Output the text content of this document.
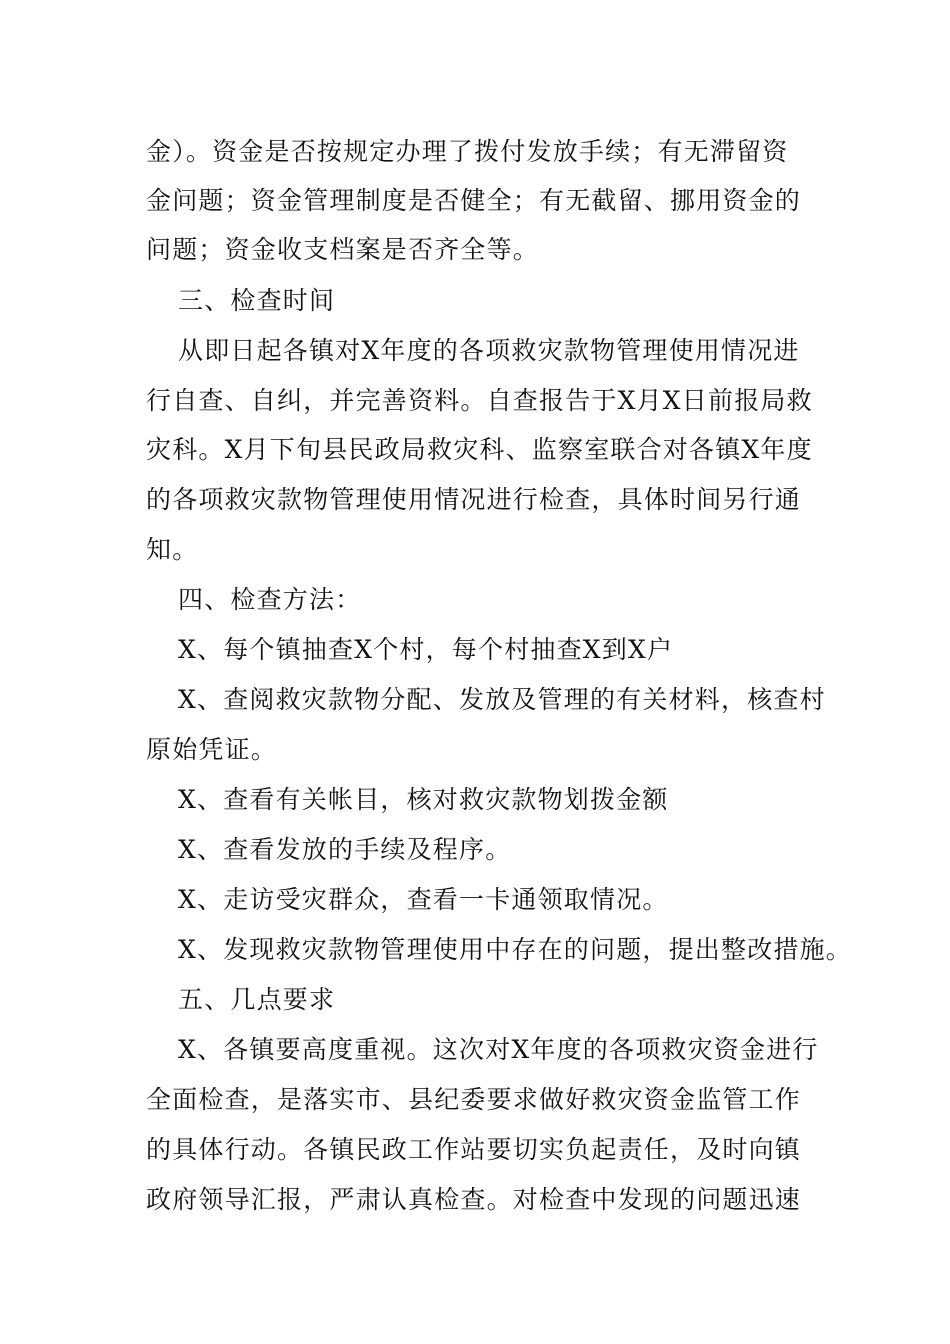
金）。资金是否按规定办理了拨付发放手续；有无滞留资
金问题；资金管理制度是否健全；有无截留、挪用资金的
问题；资金收支档案是否齐全等。
三、检查时间
从即日起各镇对X年度的各项救灾款物管理使用情况进
行自查、自纠，并完善资料。自查报告于X月X日前报局救
灾科。X月下旬县民政局救灾科、监察室联合对各镇X年度
的各项救灾款物管理使用情况进行检查，具体时间另行通
知。
四、检查方法：
X、每个镇抽查X个村，每个村抽查X到X户
X、查阅救灾款物分配、发放及管理的有关材料，核查村
原始凭证。
X、查看有关帐目，核对救灾款物划拨金额
X、查看发放的手续及程序。
X、走访受灾群众，查看一卡通领取情况。
X、发现救灾款物管理使用中存在的问题，提出整改措施。
五、几点要求
X、各镇要高度重视。这次对X年度的各项救灾资金进行
全面检查，是落实市、县纪委要求做好救灾资金监管工作
的具体行动。各镇民政工作站要切实负起责任，及时向镇
政府领导汇报，严肃认真检查。对检查中发现的问题迅速
